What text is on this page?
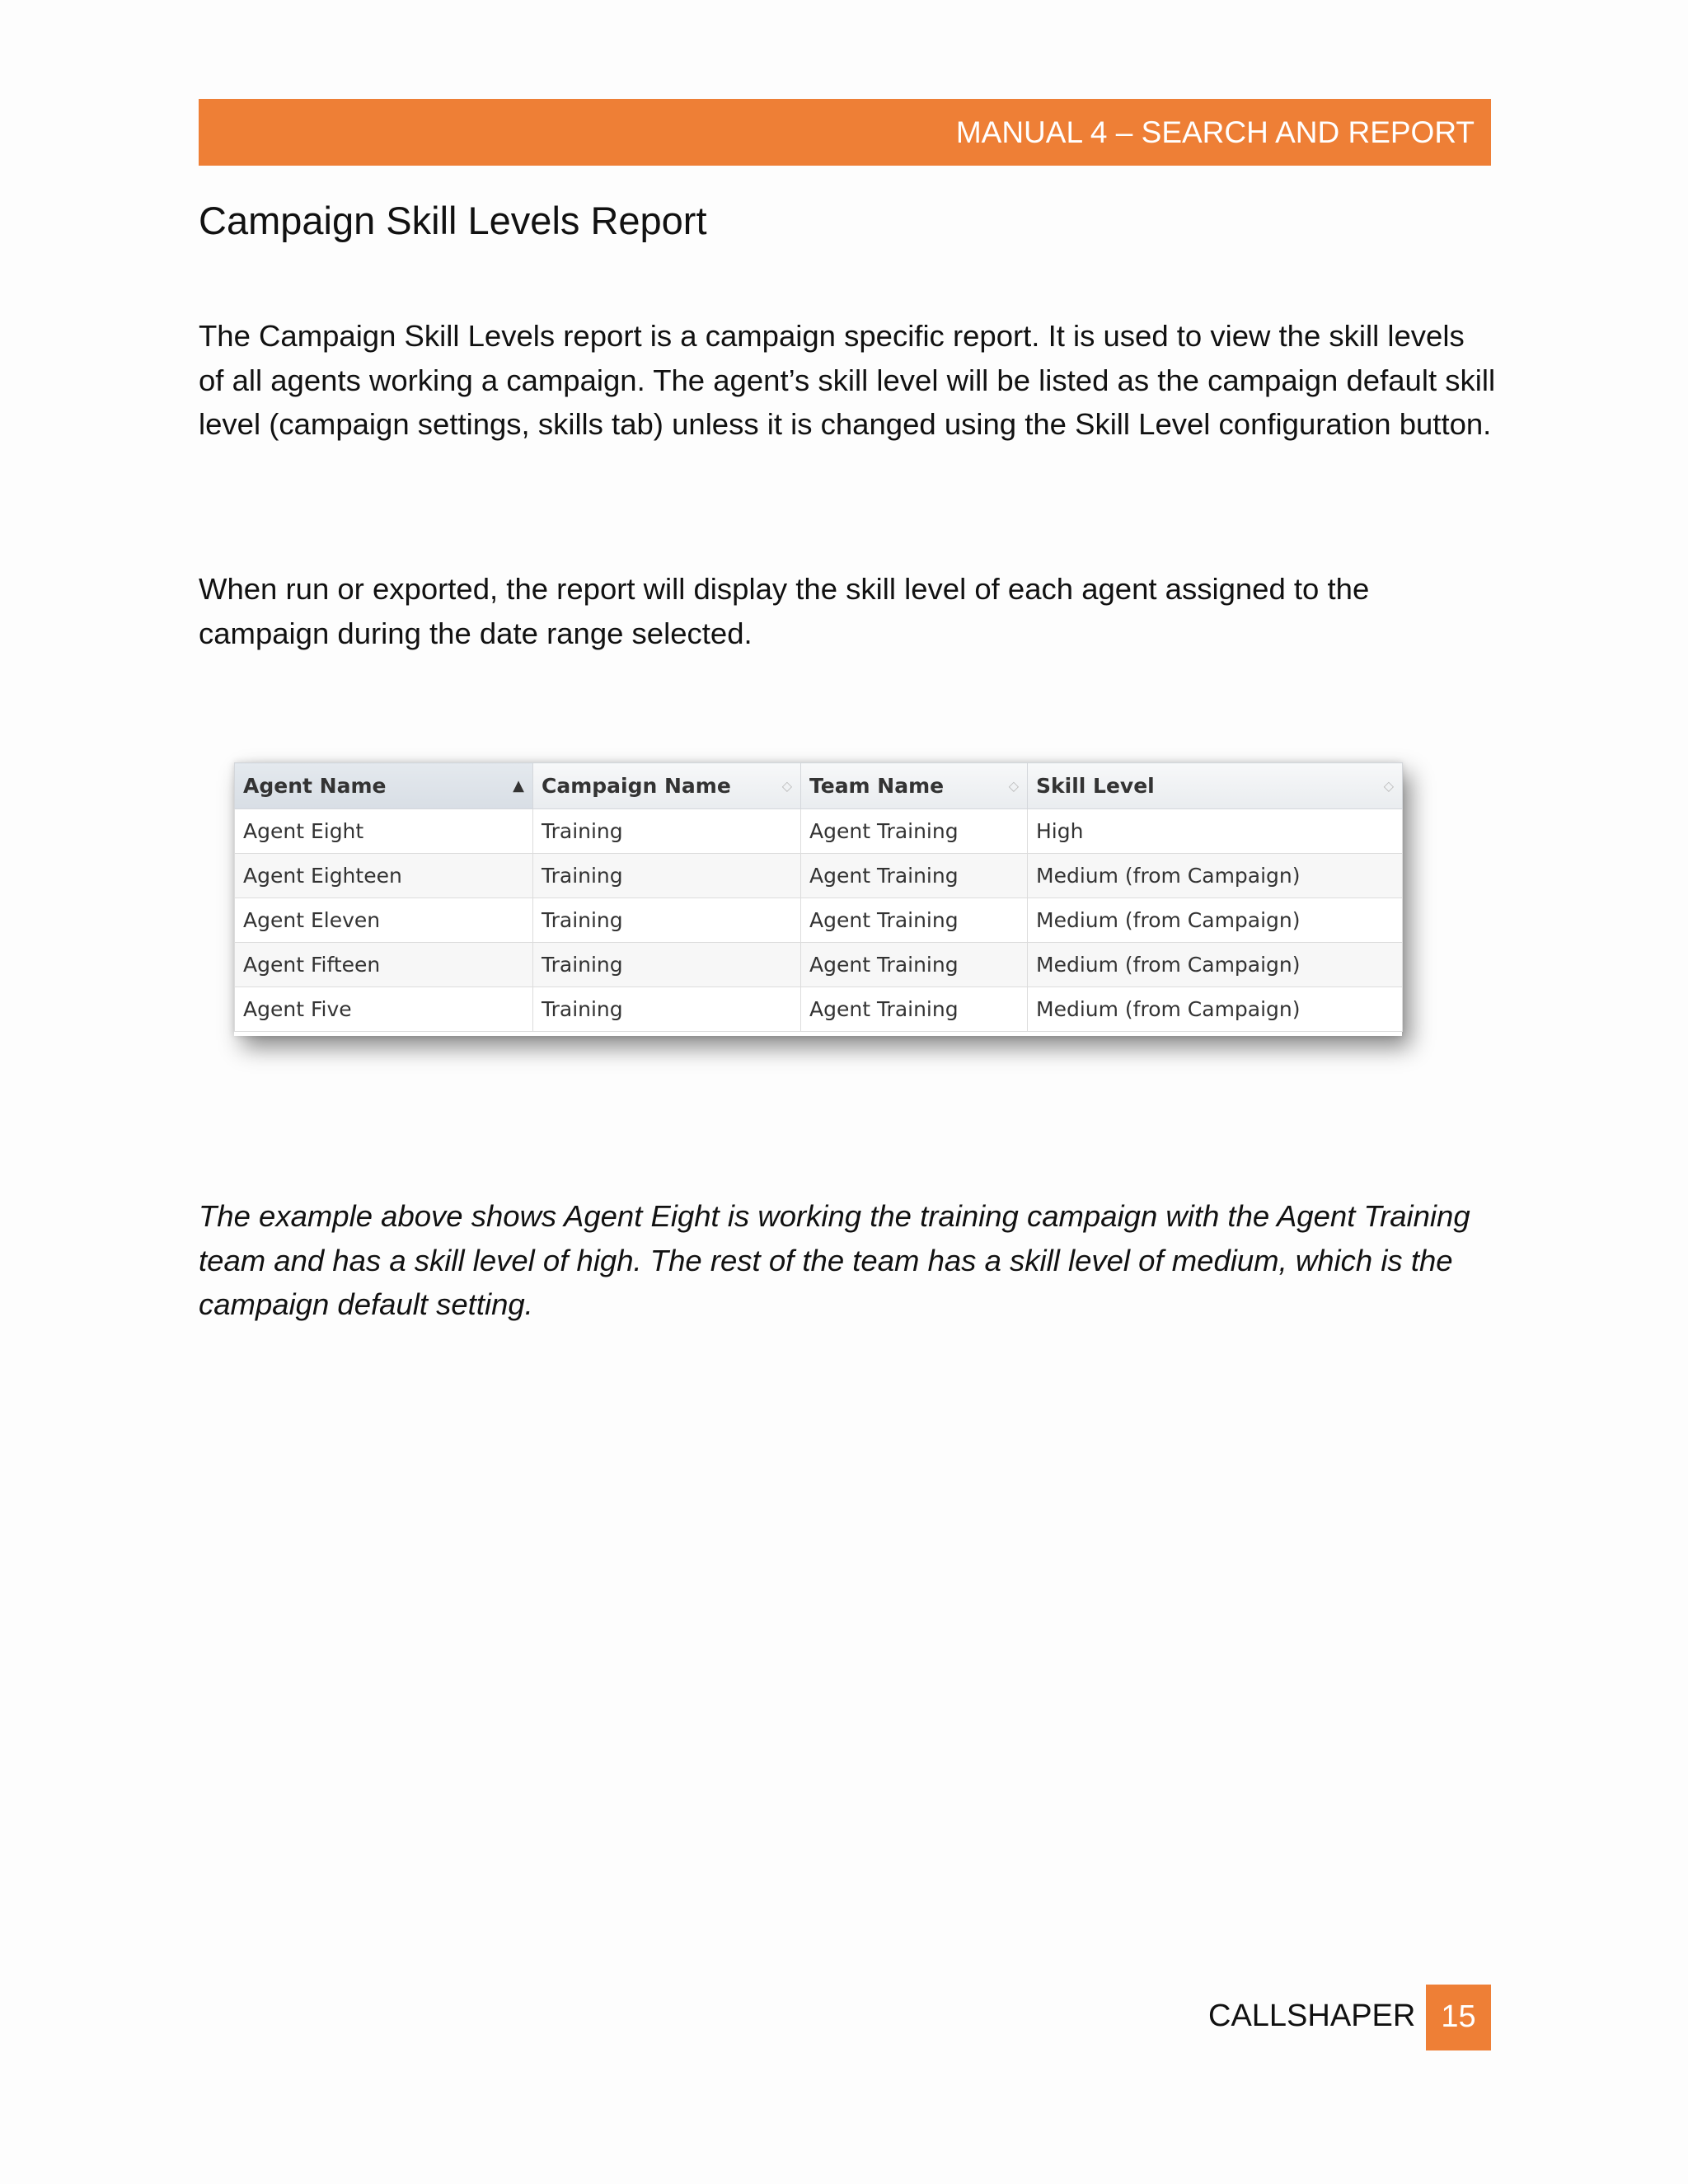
MANUAL 4 – SEARCH AND REPORT
Campaign Skill Levels Report

The Campaign Skill Levels report is a campaign specific report. It is used to view the skill levels of all agents working a campaign. The agent’s skill level will be listed as the campaign default skill level (campaign settings, skills tab) unless it is changed using the Skill Level configuration button.

When run or exported, the report will display the skill level of each agent assigned to the campaign during the date range selected.

Agent Name ▲	Campaign Name ◇	Team Name ◇	Skill Level ◇

Agent Eight	Training	Agent Training	High
Agent Eighteen	Training	Agent Training	Medium (from Campaign)
Agent Eleven	Training	Agent Training	Medium (from Campaign)
Agent Fifteen	Training	Agent Training	Medium (from Campaign)
Agent Five	Training	Agent Training	Medium (from Campaign)

The example above shows Agent Eight is working the training campaign with the Agent Training team and has a skill level of high. The rest of the team has a skill level of medium, which is the campaign default setting.

CALLSHAPER 15
